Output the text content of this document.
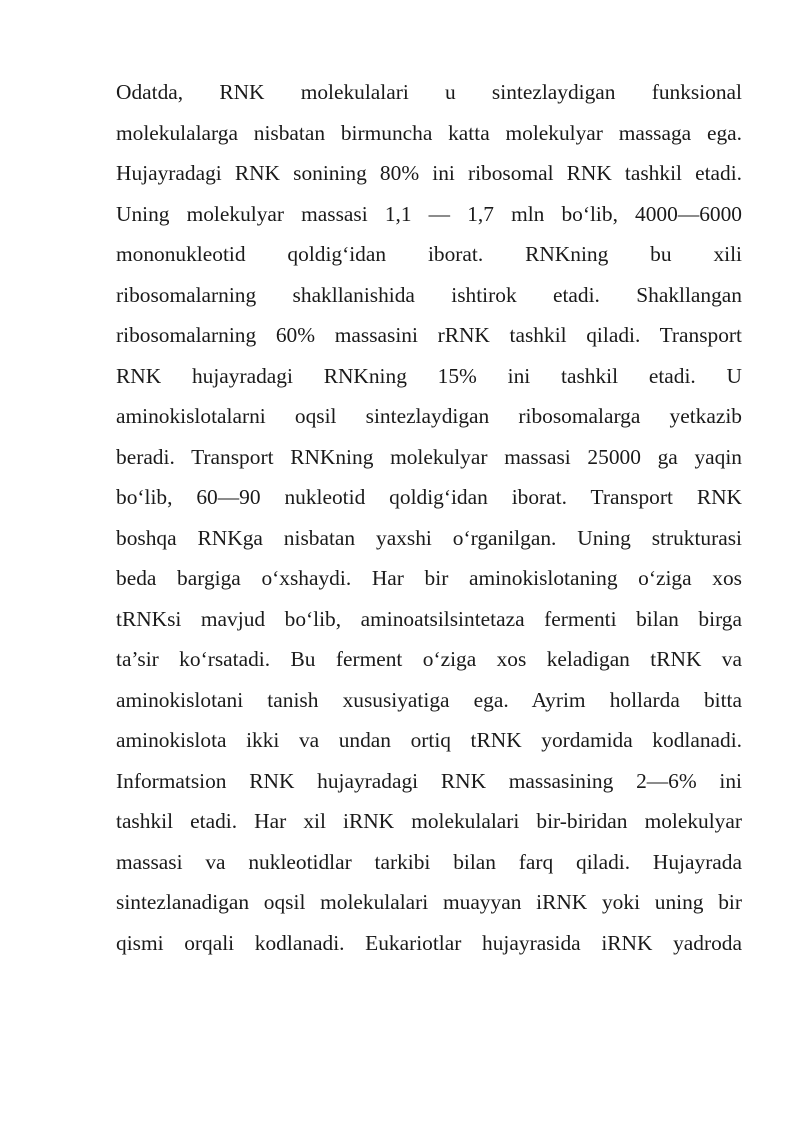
Odatda, RNK molekulalari u sintezlaydigan funksional
molekulalarga nisbatan birmuncha katta molekulyar massaga ega.
Hujayradagi RNK sonining 80% ini ribosomal RNK tashkil etadi.
Uning molekulyar massasi 1,1 — 1,7 mln bo‘lib, 4000—6000
mononukleotid qoldig‘idan iborat. RNKning bu xili
ribosomalarning shakllanishida ishtirok etadi. Shakllangan
ribosomalarning 60% massasini rRNK tashkil qiladi. Transport
RNK hujayradagi RNKning 15% ini tashkil etadi. U
aminokislotalarni oqsil sintezlaydigan ribosomalarga yetkazib
beradi. Transport RNKning molekulyar massasi 25000 ga yaqin
bo‘lib, 60—90 nukleotid qoldig‘idan iborat. Transport RNK
boshqa RNKga nisbatan yaxshi o‘rganilgan. Uning strukturasi
beda bargiga o‘xshaydi. Har bir aminokislotaning o‘ziga xos
tRNKsi mavjud bo‘lib, aminoatsilsintetaza fermenti bilan birga
ta’sir ko‘rsatadi. Bu ferment o‘ziga xos keladigan tRNK va
aminokislotani tanish xususiyatiga ega. Ayrim hollarda bitta
aminokislota ikki va undan ortiq tRNK yordamida kodlanadi.
Informatsion RNK hujayradagi RNK massasining 2—6% ini
tashkil etadi. Har xil iRNK molekulalari bir-biridan molekulyar
massasi va nukleotidlar tarkibi bilan farq qiladi. Hujayrada
sintezlanadigan oqsil molekulalari muayyan iRNK yoki uning bir
qismi orqali kodlanadi. Eukariotlar hujayrasida iRNK yadroda
